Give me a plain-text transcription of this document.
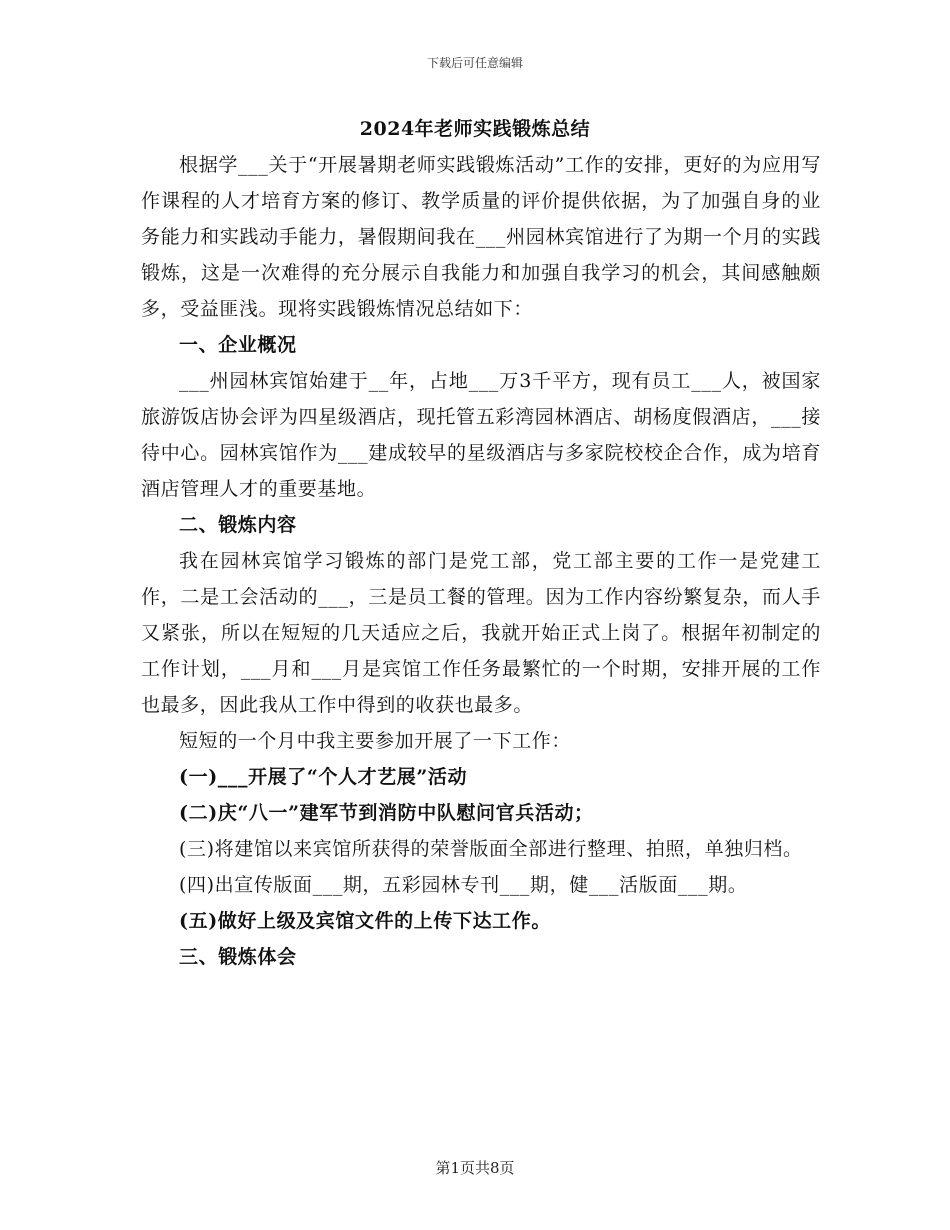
下载后可任意编辑
2024年老师实践锻炼总结

根据学___关于“开展暑期老师实践锻炼活动”工作的安排，更好的为应用写作课程的人才培育方案的修订、教学质量的评价提供依据，为了加强自身的业务能力和实践动手能力，暑假期间我在___州园林宾馆进行了为期一个月的实践锻炼，这是一次难得的充分展示自我能力和加强自我学习的机会，其间感触颇多，受益匪浅。现将实践锻炼情况总结如下：

一、企业概况

___州园林宾馆始建于__年，占地___万3千平方，现有员工___人，被国家旅游饭店协会评为四星级酒店，现托管五彩湾园林酒店、胡杨度假酒店，___接待中心。园林宾馆作为___建成较早的星级酒店与多家院校校企合作，成为培育酒店管理人才的重要基地。

二、锻炼内容

我在园林宾馆学习锻炼的部门是党工部，党工部主要的工作一是党建工作，二是工会活动的___，三是员工餐的管理。因为工作内容纷繁复杂，而人手又紧张，所以在短短的几天适应之后，我就开始正式上岗了。根据年初制定的工作计划，___月和___月是宾馆工作任务最繁忙的一个时期，安排开展的工作也最多，因此我从工作中得到的收获也最多。

短短的一个月中我主要参加开展了一下工作：

(一)___开展了“个人才艺展”活动

(二)庆“八一”建军节到消防中队慰问官兵活动；

(三)将建馆以来宾馆所获得的荣誉版面全部进行整理、拍照，单独归档。

(四)出宣传版面___期，五彩园林专刊___期，健___活版面___期。

(五)做好上级及宾馆文件的上传下达工作。

三、锻炼体会

第1页共8页
